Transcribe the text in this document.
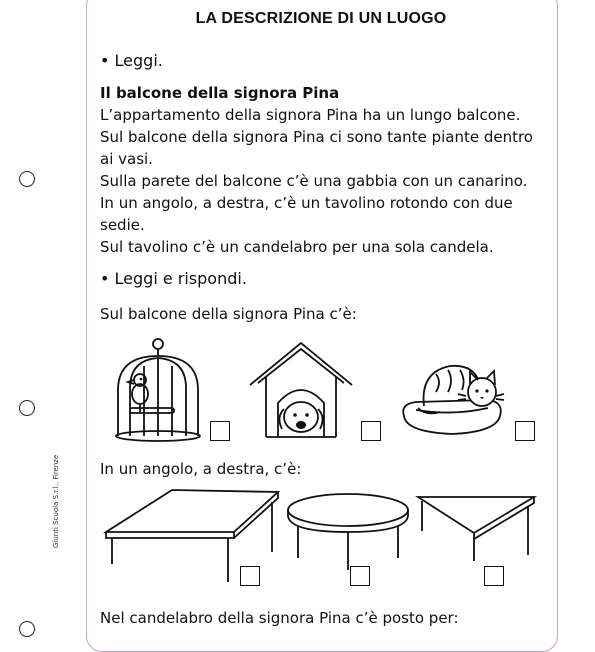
Giunti Scuola S.r.l., Firenze
LA DESCRIZIONE DI UN LUOGO
• Leggi.
Il balcone della signora Pina
L’appartamento della signora Pina ha un lungo balcone.
Sul balcone della signora Pina ci sono tante piante dentro
ai vasi.
Sulla parete del balcone c’è una gabbia con un canarino.
In un angolo, a destra, c’è un tavolino rotondo con due
sedie.
Sul tavolino c’è un candelabro per una sola candela.
• Leggi e rispondi.
Sul balcone della signora Pina c’è:
In un angolo, a destra, c’è:
Nel candelabro della signora Pina c’è posto per:
